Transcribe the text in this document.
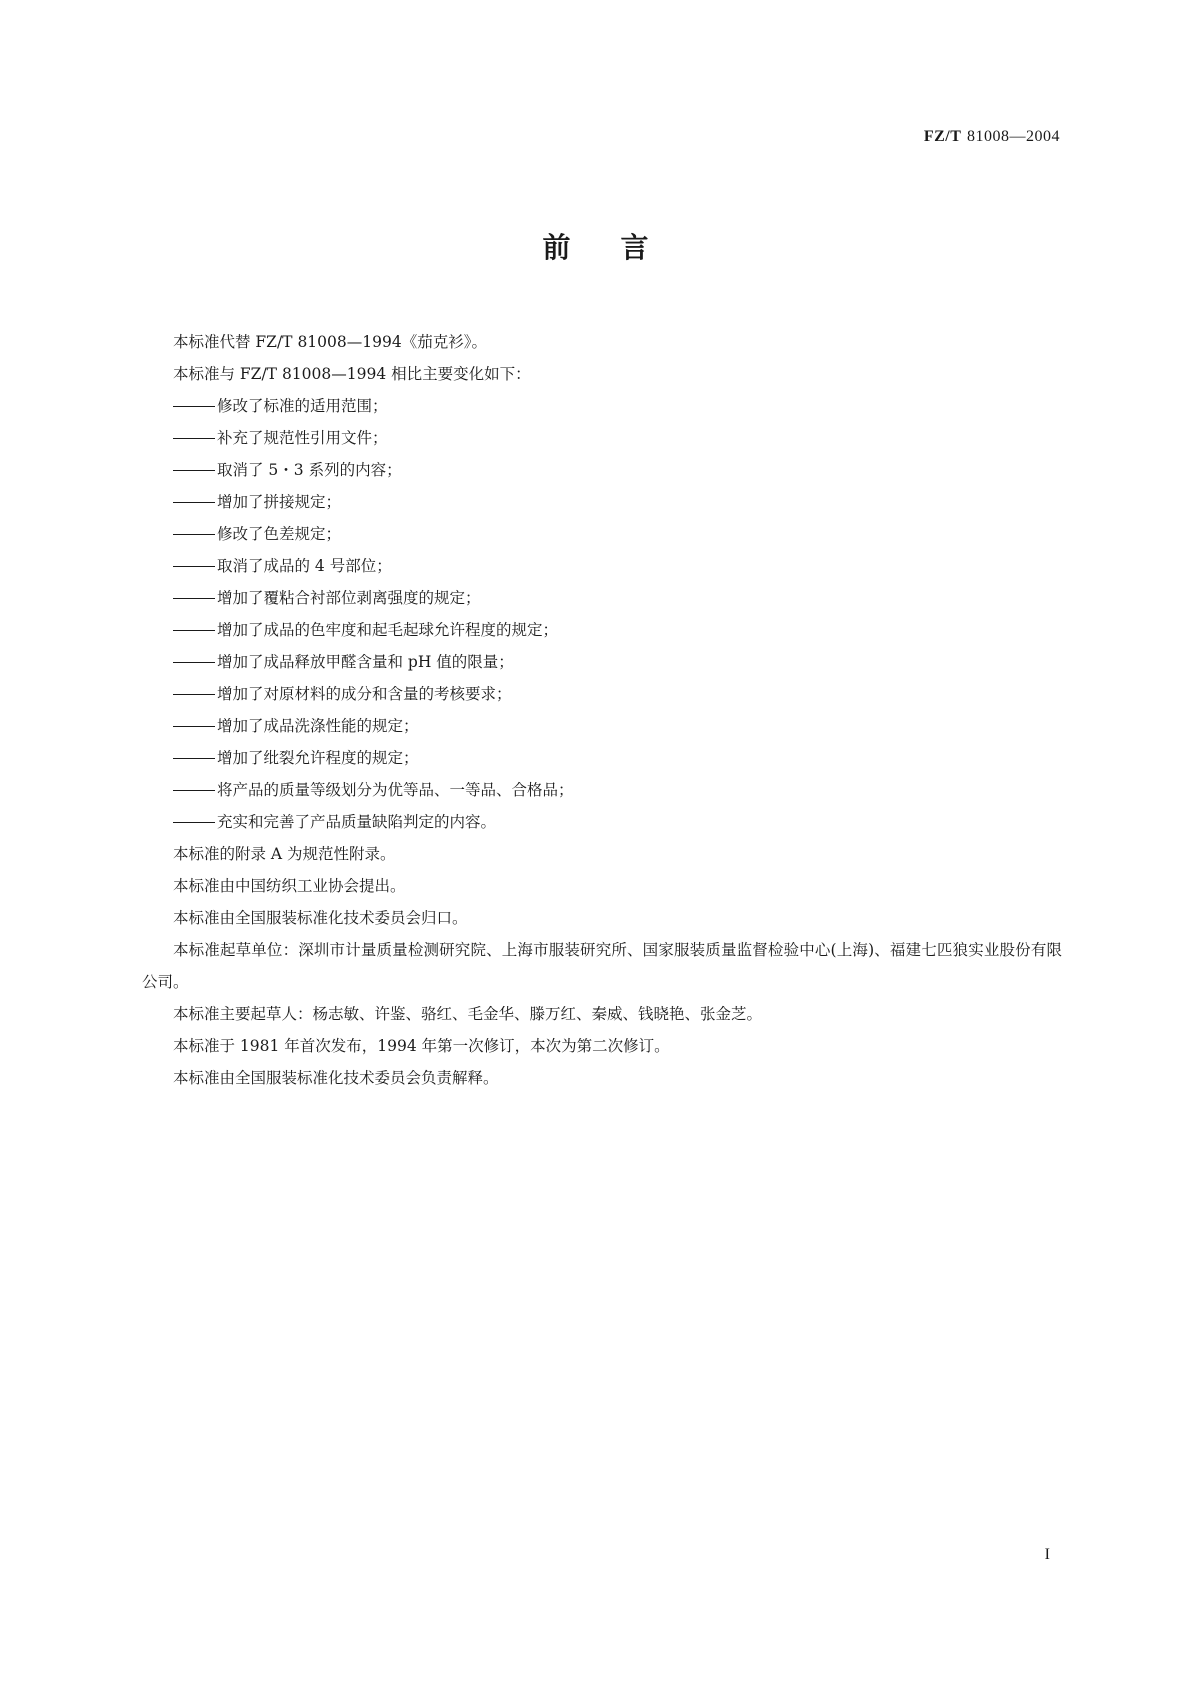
FZ/T 81008—2004
前言

本标准代替 FZ/T 81008—1994《茄克衫》。

本标准与 FZ/T 81008—1994 相比主要变化如下：

修改了标准的适用范围；

补充了规范性引用文件；

取消了 5・3 系列的内容；

增加了拼接规定；

修改了色差规定；

取消了成品的 4 号部位；

增加了覆粘合衬部位剥离强度的规定；

增加了成品的色牢度和起毛起球允许程度的规定；

增加了成品释放甲醛含量和 pH 值的限量；

增加了对原材料的成分和含量的考核要求；

增加了成品洗涤性能的规定；

增加了纰裂允许程度的规定；

将产品的质量等级划分为优等品、一等品、合格品；

充实和完善了产品质量缺陷判定的内容。

本标准的附录 A 为规范性附录。

本标准由中国纺织工业协会提出。

本标准由全国服装标准化技术委员会归口。

本标准起草单位：深圳市计量质量检测研究院、上海市服装研究所、国家服装质量监督检验中心(上海)、福建七匹狼实业股份有限公司。

本标准主要起草人：杨志敏、许鉴、骆红、毛金华、滕万红、秦威、钱晓艳、张金芝。

本标准于 1981 年首次发布，1994 年第一次修订，本次为第二次修订。

本标准由全国服装标准化技术委员会负责解释。

I
